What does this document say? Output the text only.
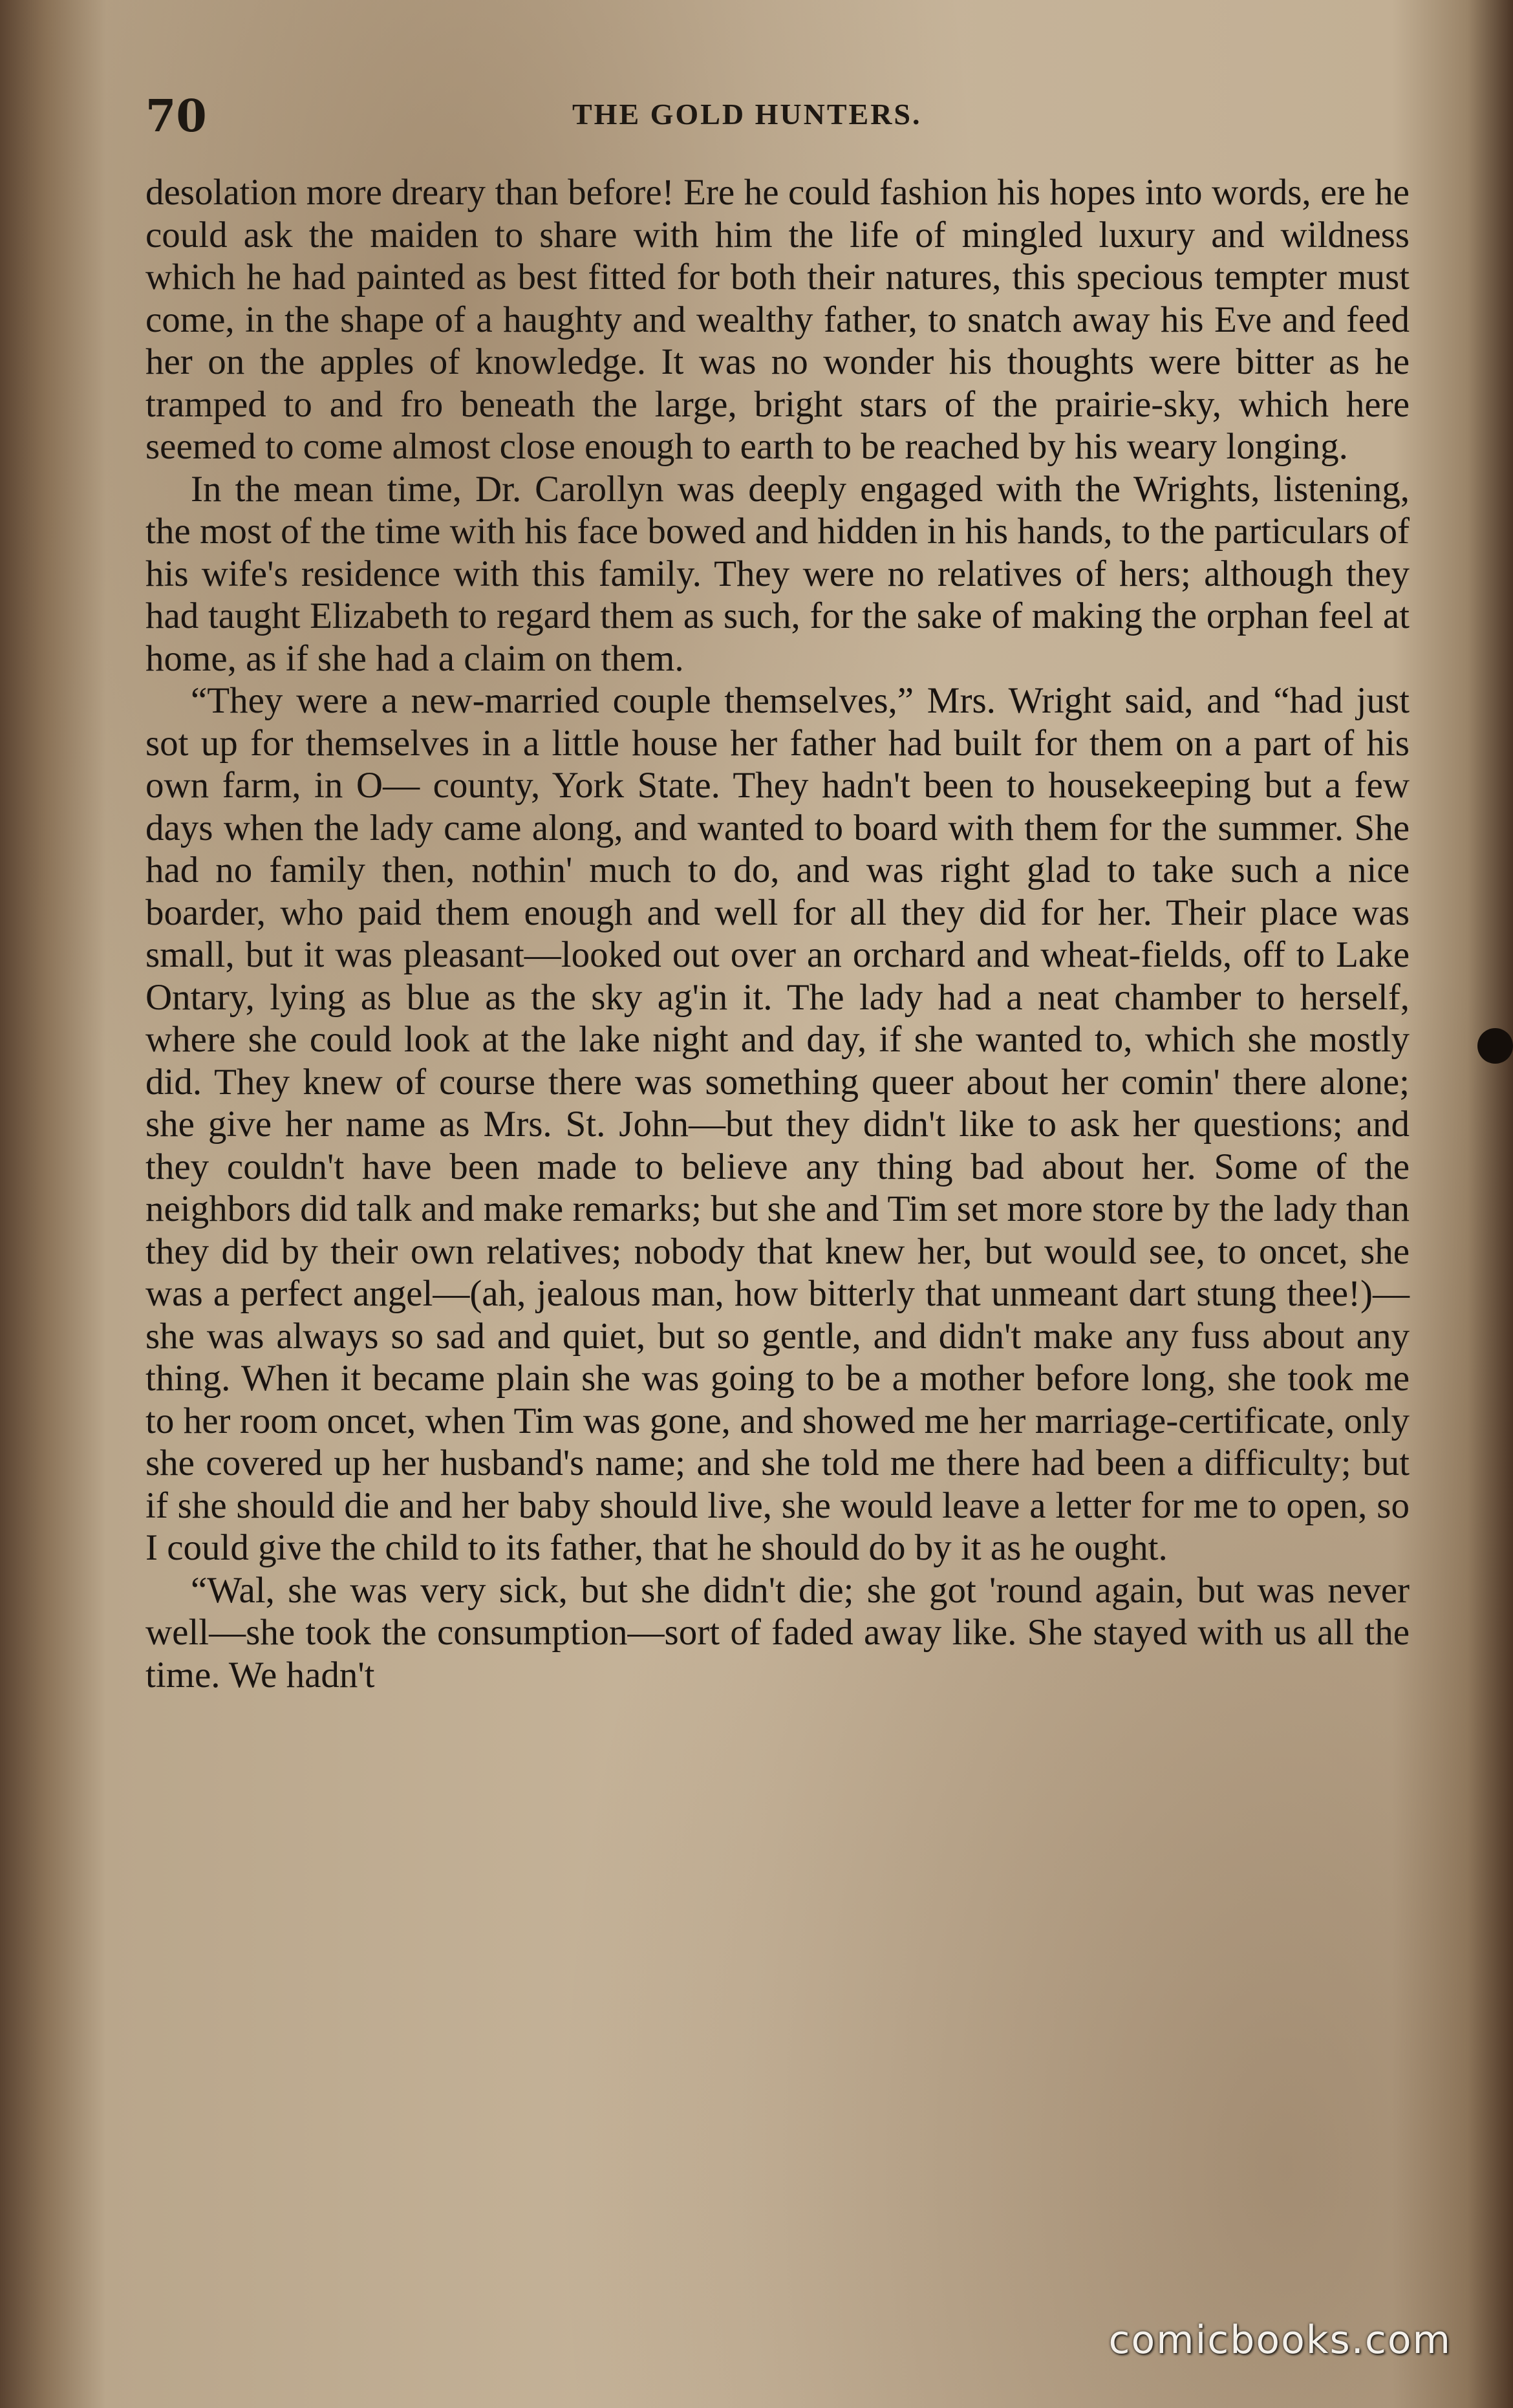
70	THE GOLD HUNTERS.

desolation more dreary than before! Ere he could fashion his hopes into words, ere he could ask the maiden to share with him the life of mingled luxury and wildness which he had painted as best fitted for both their natures, this specious tempter must come, in the shape of a haughty and wealthy father, to snatch away his Eve and feed her on the apples of knowledge. It was no wonder his thoughts were bitter as he tramped to and fro beneath the large, bright stars of the prairie-sky, which here seemed to come almost close enough to earth to be reached by his weary longing.

In the mean time, Dr. Carollyn was deeply engaged with the Wrights, listening, the most of the time with his face bowed and hidden in his hands, to the particulars of his wife's residence with this family. They were no relatives of hers; although they had taught Elizabeth to regard them as such, for the sake of making the orphan feel at home, as if she had a claim on them.

“They were a new-married couple themselves,” Mrs. Wright said, and “had just sot up for themselves in a little house her father had built for them on a part of his own farm, in O— county, York State. They hadn't been to housekeeping but a few days when the lady came along, and wanted to board with them for the summer. She had no family then, nothin' much to do, and was right glad to take such a nice boarder, who paid them enough and well for all they did for her. Their place was small, but it was pleasant—looked out over an orchard and wheat-fields, off to Lake Ontary, lying as blue as the sky ag'in it. The lady had a neat chamber to herself, where she could look at the lake night and day, if she wanted to, which she mostly did. They knew of course there was something queer about her comin' there alone; she give her name as Mrs. St. John—but they didn't like to ask her questions; and they couldn't have been made to believe any thing bad about her. Some of the neighbors did talk and make remarks; but she and Tim set more store by the lady than they did by their own relatives; nobody that knew her, but would see, to oncet, she was a perfect angel—(ah, jealous man, how bitterly that unmeant dart stung thee!)—she was always so sad and quiet, but so gentle, and didn't make any fuss about any thing. When it became plain she was going to be a mother before long, she took me to her room oncet, when Tim was gone, and showed me her marriage-certificate, only she covered up her husband's name; and she told me there had been a difficulty; but if she should die and her baby should live, she would leave a letter for me to open, so I could give the child to its father, that he should do by it as he ought.

“Wal, she was very sick, but she didn't die; she got 'round again, but was never well—she took the consumption—sort of faded away like. She stayed with us all the time. We hadn't

comicbooks.com
